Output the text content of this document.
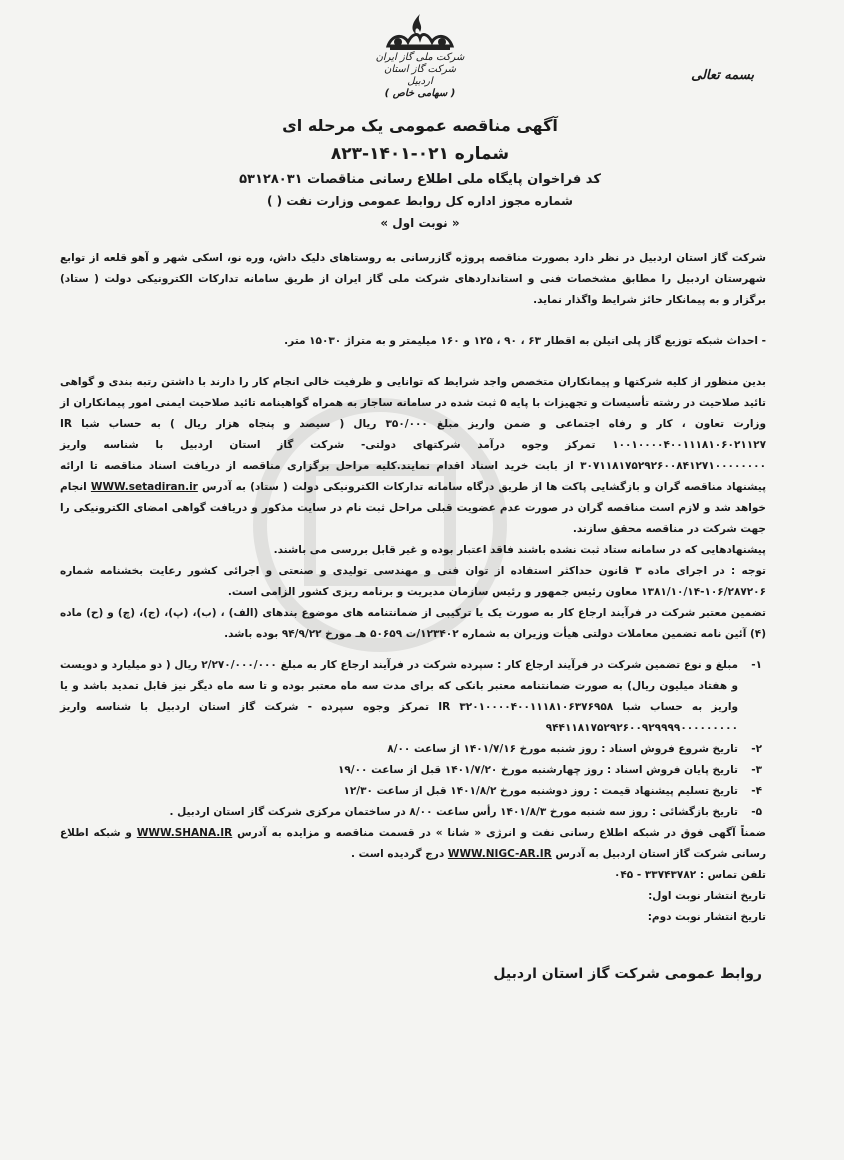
شرکت ملی گاز ایران
شرکت گاز استان اردبیل
( سهامی خاص )
بسمه تعالی
آگهی مناقصه عمومی یک مرحله ای
شماره ۰۲۱-۱۴۰۱-۸۲۳
کد فراخوان پایگاه ملی اطلاع رسانی مناقصات ۵۳۱۲۸۰۳۱
شماره مجوز اداره کل روابط عمومی وزارت نفت ( )
« نوبت اول »

شرکت گاز استان اردبیل در نظر دارد بصورت مناقصه پروژه گازرسانی به روستاهای دلیک داش، وره نو، اسکی شهر و آهو قلعه از توابع شهرستان اردبیل را مطابق مشخصات فنی و استانداردهای شرکت ملی گاز ایران از طریق سامانه تدارکات الکترونیکی دولت ( ستاد) برگزار و به پیمانکار حائز شرایط واگذار نماید.

- احداث شبکه توزیع گاز پلی اتیلن به اقطار ۶۳ ، ۹۰ ، ۱۲۵ و ۱۶۰ میلیمتر و به متراژ ۱۵۰۳۰ متر.

بدین منظور از کلیه شرکتها و پیمانکاران متخصص واجد شرایط که توانایی و ظرفیت خالی انجام کار را دارند با داشتن رتبه بندی و گواهی تائید صلاحیت در رشته تأسیسات و تجهیزات با پایه ۵ ثبت شده در سامانه ساجار به همراه گواهینامه تائید صلاحیت ایمنی امور پیمانکاران از وزارت تعاون ، کار و رفاه اجتماعی و ضمن واریز مبلغ ۳۵۰/۰۰۰ ریال ( سیصد و پنجاه هزار ریال ) به حساب شبا IR ۱۰۰۱۰۰۰۰۴۰۰۱۱۱۸۱۰۶۰۲۱۱۲۷ تمرکز وجوه درآمد شرکتهای دولتی- شرکت گاز استان اردبیل با شناسه واریز ۳۰۷۱۱۸۱۷۵۲۹۲۶۰۰۸۴۱۲۷۱۰۰۰۰۰۰۰۰ از بابت خرید اسناد اقدام نمایند.کلیه مراحل برگزاری مناقصه از دریافت اسناد مناقصه تا ارائه پیشنهاد مناقصه گران و بازگشایی پاکت ها از طریق درگاه سامانه تدارکات الکترونیکی دولت ( ستاد) به آدرس WWW.setadiran.ir انجام خواهد شد و لازم است مناقصه گران در صورت عدم عضویت قبلی مراحل ثبت نام در سایت مذکور و دریافت گواهی امضای الکترونیکی را جهت شرکت در مناقصه محقق سازند.

پیشنهادهایی که در سامانه ستاد ثبت نشده باشند فاقد اعتبار بوده و غیر قابل بررسی می باشند.

توجه : در اجرای ماده ۳ قانون حداکثر استفاده از توان فنی و مهندسی تولیدی و صنعتی و اجرائی کشور رعایت بخشنامه شماره ۱۰۶/۲۸۷۲۰۶-۱۳۸۱/۱۰/۱۴ معاون رئیس جمهور و رئیس سازمان مدیریت و برنامه ریزی کشور الزامی است.

تضمین معتبر شرکت در فرآیند ارجاع کار به صورت یک یا ترکیبی از ضمانتنامه های موضوع بندهای (الف) ، (ب)، (پ)، (ج)، (چ) و (ح) ماده (۴) آئین نامه تضمین معاملات دولتی هیأت وزیران به شماره ۱۲۳۴۰۲/ت ۵۰۶۵۹ هـ مورخ ۹۴/۹/۲۲ بوده باشد.

۱-
مبلغ و نوع تضمین شرکت در فرآیند ارجاع کار : سپرده شرکت در فرآیند ارجاع کار به مبلغ ۲/۲۷۰/۰۰۰/۰۰۰ ریال ( دو میلیارد و دویست و هفتاد میلیون ریال) به صورت ضمانتنامه معتبر بانکی که برای مدت سه ماه معتبر بوده و تا سه ماه دیگر نیز قابل تمدید باشد و یا واریز به حساب شبا IR ۳۲۰۱۰۰۰۰۴۰۰۱۱۱۸۱۰۶۳۷۶۹۵۸ تمرکز وجوه سپرده - شرکت گاز استان اردبیل با شناسه واریز ۹۴۴۱۱۸۱۷۵۲۹۲۶۰۰۹۲۹۹۹۹۰۰۰۰۰۰۰۰۰

۲-
تاریخ شروع فروش اسناد : روز شنبه مورخ ۱۴۰۱/۷/۱۶ از ساعت ۸/۰۰

۳-
تاریخ پایان فروش اسناد : روز چهارشنبه مورخ ۱۴۰۱/۷/۲۰ قبل از ساعت ۱۹/۰۰

۴-
تاریخ تسلیم پیشنهاد قیمت : روز دوشنبه مورخ ۱۴۰۱/۸/۲ قبل از ساعت ۱۲/۳۰

۵-
تاریخ بازگشائی : روز سه شنبه مورخ ۱۴۰۱/۸/۳ رأس ساعت ۸/۰۰ در ساختمان مرکزی شرکت گاز استان اردبیل .

ضمناً آگهی فوق در شبکه اطلاع رسانی نفت و انرژی « شانا » در قسمت مناقصه و مزایده به آدرس WWW.SHANA.IR و شبکه اطلاع رسانی شرکت گاز استان اردبیل به آدرس WWW.NIGC-AR.IR درج گردیده است .

تلفن تماس : ۳۳۷۴۳۷۸۲ - ۰۴۵

تاریخ انتشار نوبت اول:

تاریخ انتشار نوبت دوم:

روابط عمومی شرکت گاز استان اردبیل
